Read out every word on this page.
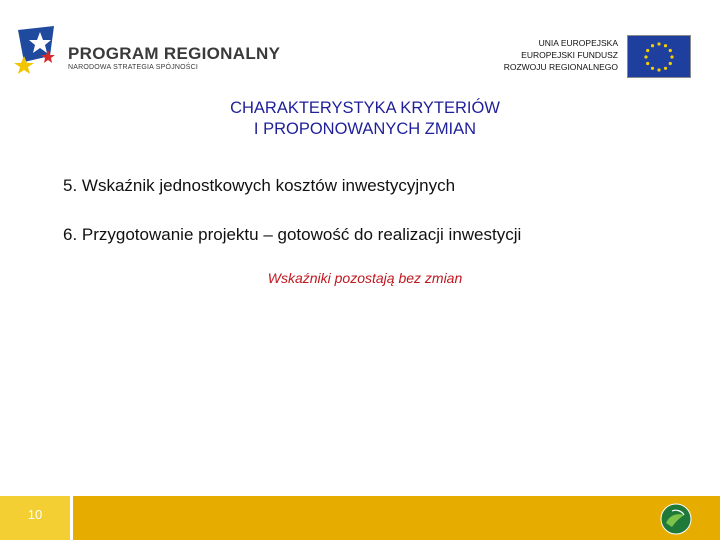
PROGRAM REGIONALNY
NARODOWA STRATEGIA SPÓJNOŚCI
UNIA EUROPEJSKA
EUROPEJSKI FUNDUSZ
ROZWOJU REGIONALNEGO
CHARAKTERYSTYKA KRYTERIÓW
I PROPONOWANYCH ZMIAN
5. Wskaźnik jednostkowych kosztów inwestycyjnych
6. Przygotowanie projektu – gotowość do realizacji inwestycji
Wskaźniki pozostają bez zmian
10
